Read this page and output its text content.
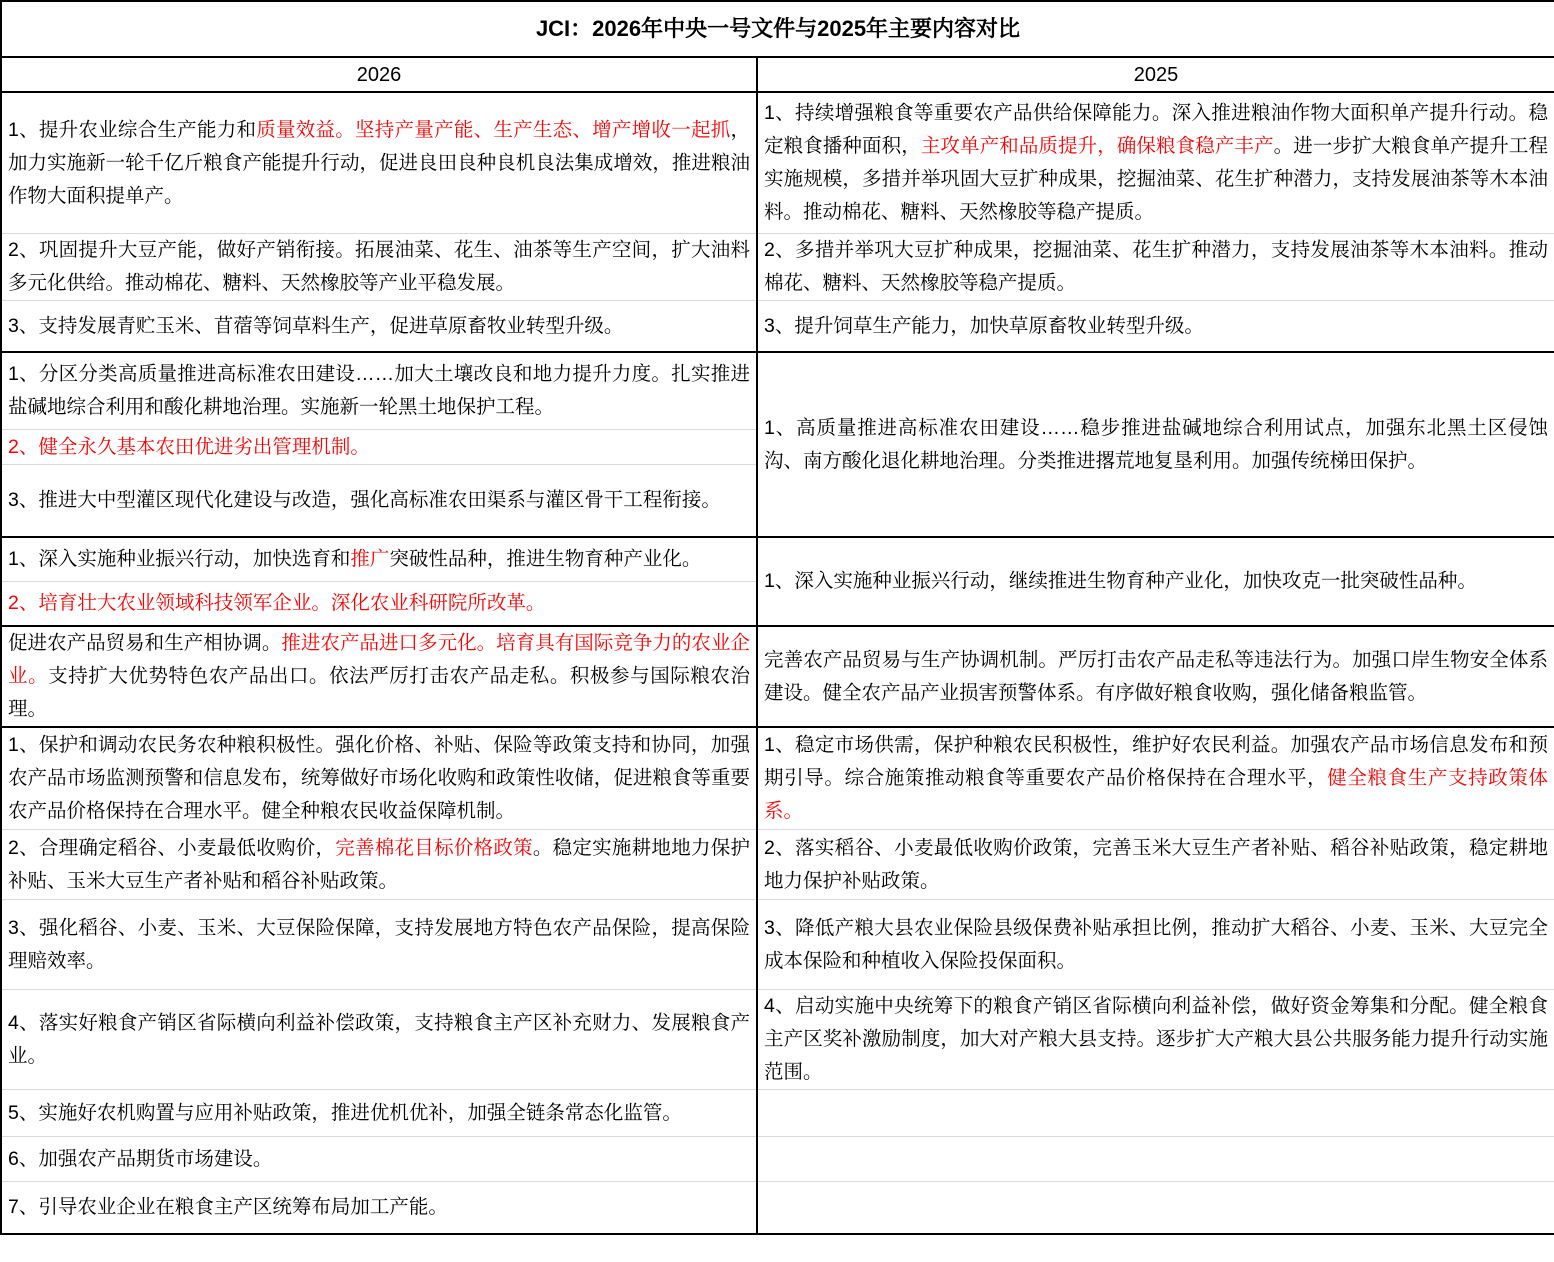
JCI：2026年中央一号文件与2025年主要内容对比	
2026	2025
1、提升农业综合生产能力和质量效益。坚持产量产能、生产生态、增产增收一起抓，加力实施新一轮千亿斤粮食产能提升行动，促进良田良种良机良法集成增效，推进粮油作物大面积提单产。	1、持续增强粮食等重要农产品供给保障能力。深入推进粮油作物大面积单产提升行动。稳定粮食播种面积，主攻单产和品质提升，确保粮食稳产丰产。进一步扩大粮食单产提升工程实施规模，多措并举巩固大豆扩种成果，挖掘油菜、花生扩种潜力，支持发展油茶等木本油料。推动棉花、糖料、天然橡胶等稳产提质。
2、巩固提升大豆产能，做好产销衔接。拓展油菜、花生、油茶等生产空间，扩大油料多元化供给。推动棉花、糖料、天然橡胶等产业平稳发展。	2、多措并举巩大豆扩种成果，挖掘油菜、花生扩种潜力，支持发展油茶等木本油料。推动棉花、糖料、天然橡胶等稳产提质。
3、支持发展青贮玉米、苜蓿等饲草料生产，促进草原畜牧业转型升级。	3、提升饲草生产能力，加快草原畜牧业转型升级。
1、分区分类高质量推进高标准农田建设……加大土壤改良和地力提升力度。扎实推进盐碱地综合利用和酸化耕地治理。实施新一轮黑土地保护工程。	1、高质量推进高标准农田建设……稳步推进盐碱地综合利用试点，加强东北黑土区侵蚀沟、南方酸化退化耕地治理。分类推进撂荒地复垦利用。加强传统梯田保护。
2、健全永久基本农田优进劣出管理机制。	
3、推进大中型灌区现代化建设与改造，强化高标准农田渠系与灌区骨干工程衔接。	
1、深入实施种业振兴行动，加快选育和推广突破性品种，推进生物育种产业化。	1、深入实施种业振兴行动，继续推进生物育种产业化，加快攻克一批突破性品种。
2、培育壮大农业领域科技领军企业。深化农业科研院所改革。	
促进农产品贸易和生产相协调。推进农产品进口多元化。培育具有国际竞争力的农业企业。支持扩大优势特色农产品出口。依法严厉打击农产品走私。积极参与国际粮农治理。	完善农产品贸易与生产协调机制。严厉打击农产品走私等违法行为。加强口岸生物安全体系建设。健全农产品产业损害预警体系。有序做好粮食收购，强化储备粮监管。
1、保护和调动农民务农种粮积极性。强化价格、补贴、保险等政策支持和协同，加强农产品市场监测预警和信息发布，统筹做好市场化收购和政策性收储，促进粮食等重要农产品价格保持在合理水平。健全种粮农民收益保障机制。	1、稳定市场供需，保护种粮农民积极性，维护好农民利益。加强农产品市场信息发布和预期引导。综合施策推动粮食等重要农产品价格保持在合理水平，健全粮食生产支持政策体系。
2、合理确定稻谷、小麦最低收购价，完善棉花目标价格政策。稳定实施耕地地力保护补贴、玉米大豆生产者补贴和稻谷补贴政策。	2、落实稻谷、小麦最低收购价政策，完善玉米大豆生产者补贴、稻谷补贴政策，稳定耕地地力保护补贴政策。
3、强化稻谷、小麦、玉米、大豆保险保障，支持发展地方特色农产品保险，提高保险理赔效率。	3、降低产粮大县农业保险县级保费补贴承担比例，推动扩大稻谷、小麦、玉米、大豆完全成本保险和种植收入保险投保面积。
4、落实好粮食产销区省际横向利益补偿政策，支持粮食主产区补充财力、发展粮食产业。	4、启动实施中央统筹下的粮食产销区省际横向利益补偿，做好资金筹集和分配。健全粮食主产区奖补激励制度，加大对产粮大县支持。逐步扩大产粮大县公共服务能力提升行动实施范围。
5、实施好农机购置与应用补贴政策，推进优机优补，加强全链条常态化监管。	
6、加强农产品期货市场建设。	
7、引导农业企业在粮食主产区统筹布局加工产能。	
